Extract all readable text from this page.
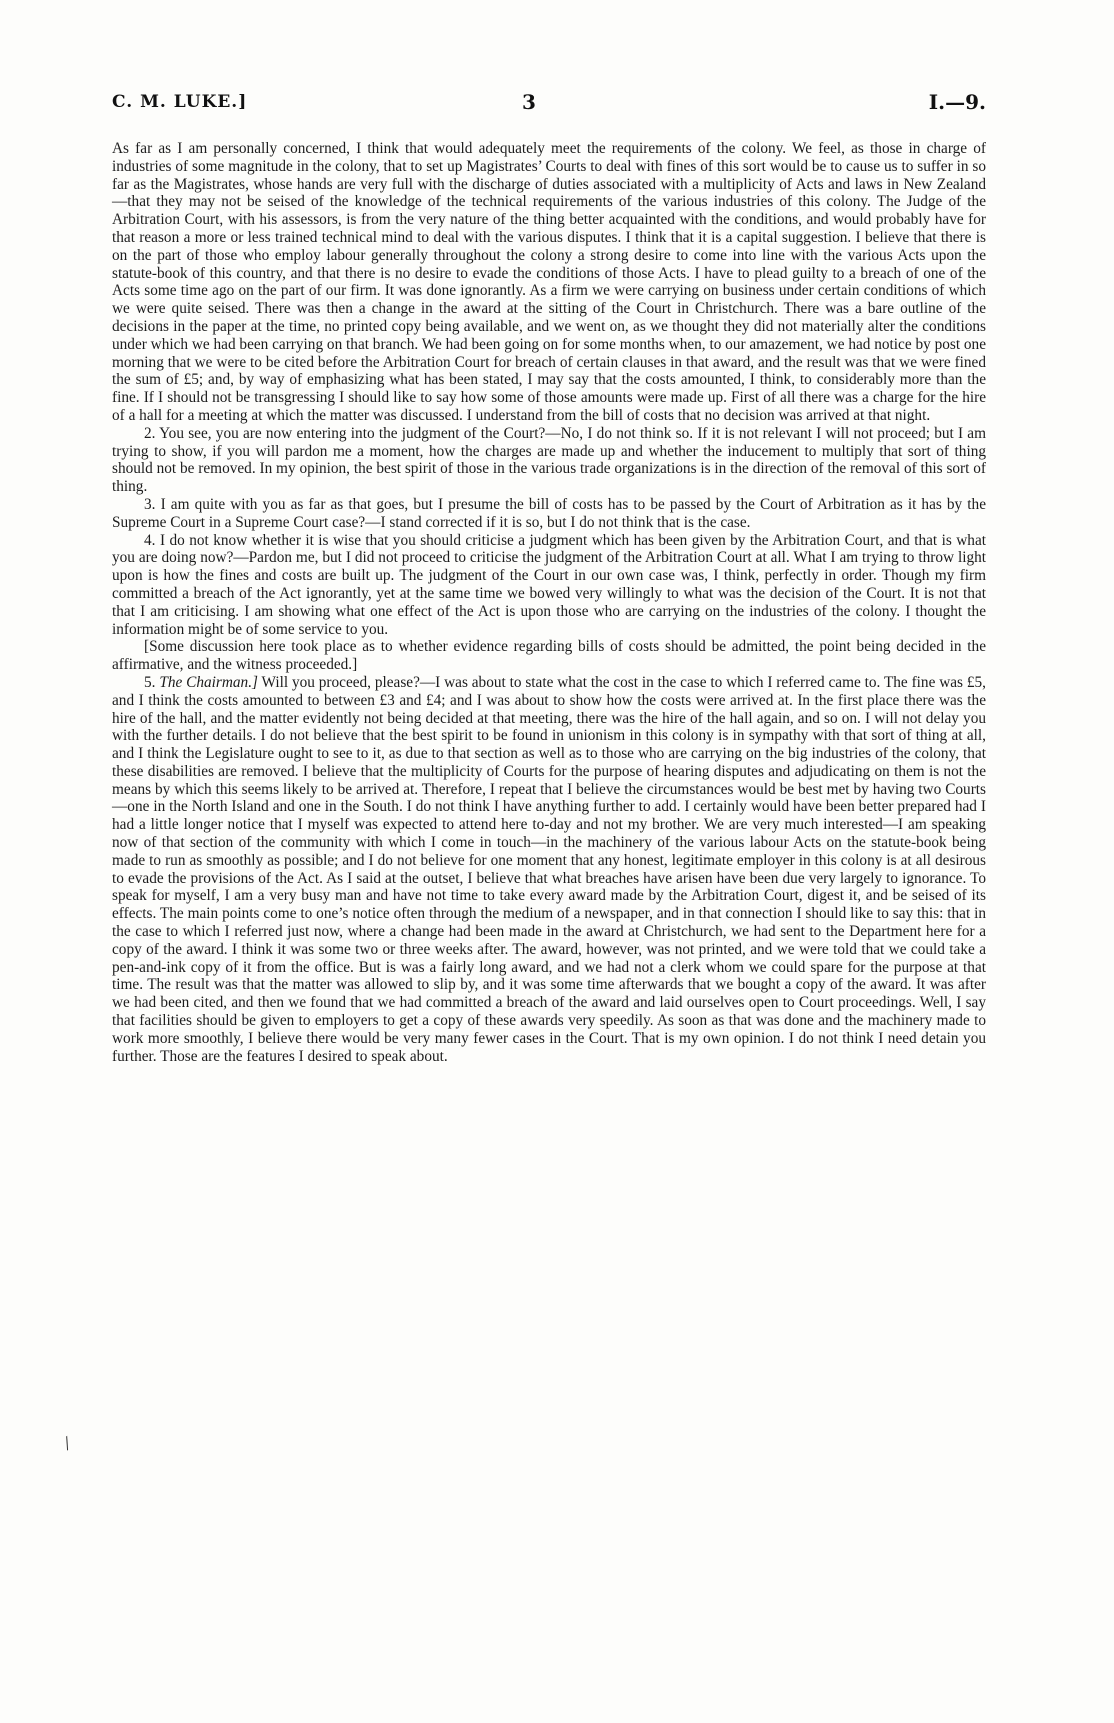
C. M. LUKE.]	3	I.—9.

As far as I am personally concerned, I think that would adequately meet the requirements of the colony. We feel, as those in charge of industries of some magnitude in the colony, that to set up Magistrates’ Courts to deal with fines of this sort would be to cause us to suffer in so far as the Magistrates, whose hands are very full with the discharge of duties associated with a multiplicity of Acts and laws in New Zealand—that they may not be seised of the knowledge of the technical requirements of the various industries of this colony. The Judge of the Arbitration Court, with his assessors, is from the very nature of the thing better acquainted with the conditions, and would probably have for that reason a more or less trained technical mind to deal with the various disputes. I think that it is a capital suggestion. I believe that there is on the part of those who employ labour generally throughout the colony a strong desire to come into line with the various Acts upon the statute-book of this country, and that there is no desire to evade the conditions of those Acts. I have to plead guilty to a breach of one of the Acts some time ago on the part of our firm. It was done ignorantly. As a firm we were carrying on business under certain conditions of which we were quite seised. There was then a change in the award at the sitting of the Court in Christchurch. There was a bare outline of the decisions in the paper at the time, no printed copy being available, and we went on, as we thought they did not materially alter the conditions under which we had been carrying on that branch. We had been going on for some months when, to our amazement, we had notice by post one morning that we were to be cited before the Arbitration Court for breach of certain clauses in that award, and the result was that we were fined the sum of £5; and, by way of emphasizing what has been stated, I may say that the costs amounted, I think, to considerably more than the fine. If I should not be transgressing I should like to say how some of those amounts were made up. First of all there was a charge for the hire of a hall for a meeting at which the matter was discussed. I understand from the bill of costs that no decision was arrived at that night.

2. You see, you are now entering into the judgment of the Court?—No, I do not think so. If it is not relevant I will not proceed; but I am trying to show, if you will pardon me a moment, how the charges are made up and whether the inducement to multiply that sort of thing should not be removed. In my opinion, the best spirit of those in the various trade organizations is in the direction of the removal of this sort of thing.

3. I am quite with you as far as that goes, but I presume the bill of costs has to be passed by the Court of Arbitration as it has by the Supreme Court in a Supreme Court case?—I stand corrected if it is so, but I do not think that is the case.

4. I do not know whether it is wise that you should criticise a judgment which has been given by the Arbitration Court, and that is what you are doing now?—Pardon me, but I did not proceed to criticise the judgment of the Arbitration Court at all. What I am trying to throw light upon is how the fines and costs are built up. The judgment of the Court in our own case was, I think, perfectly in order. Though my firm committed a breach of the Act ignorantly, yet at the same time we bowed very willingly to what was the decision of the Court. It is not that that I am criticising. I am showing what one effect of the Act is upon those who are carrying on the industries of the colony. I thought the information might be of some service to you.

[Some discussion here took place as to whether evidence regarding bills of costs should be admitted, the point being decided in the affirmative, and the witness proceeded.]

5. The Chairman.] Will you proceed, please?—I was about to state what the cost in the case to which I referred came to. The fine was £5, and I think the costs amounted to between £3 and £4; and I was about to show how the costs were arrived at. In the first place there was the hire of the hall, and the matter evidently not being decided at that meeting, there was the hire of the hall again, and so on. I will not delay you with the further details. I do not believe that the best spirit to be found in unionism in this colony is in sympathy with that sort of thing at all, and I think the Legislature ought to see to it, as due to that section as well as to those who are carrying on the big industries of the colony, that these disabilities are removed. I believe that the multiplicity of Courts for the purpose of hearing disputes and adjudicating on them is not the means by which this seems likely to be arrived at. Therefore, I repeat that I believe the circumstances would be best met by having two Courts—one in the North Island and one in the South. I do not think I have anything further to add. I certainly would have been better prepared had I had a little longer notice that I myself was expected to attend here to-day and not my brother. We are very much interested—I am speaking now of that section of the community with which I come in touch—in the machinery of the various labour Acts on the statute-book being made to run as smoothly as possible; and I do not believe for one moment that any honest, legitimate employer in this colony is at all desirous to evade the provisions of the Act. As I said at the outset, I believe that what breaches have arisen have been due very largely to ignorance. To speak for myself, I am a very busy man and have not time to take every award made by the Arbitration Court, digest it, and be seised of its effects. The main points come to one’s notice often through the medium of a newspaper, and in that connection I should like to say this: that in the case to which I referred just now, where a change had been made in the award at Christchurch, we had sent to the Department here for a copy of the award. I think it was some two or three weeks after. The award, however, was not printed, and we were told that we could take a pen-and-ink copy of it from the office. But is was a fairly long award, and we had not a clerk whom we could spare for the purpose at that time. The result was that the matter was allowed to slip by, and it was some time afterwards that we bought a copy of the award. It was after we had been cited, and then we found that we had committed a breach of the award and laid ourselves open to Court proceedings. Well, I say that facilities should be given to employers to get a copy of these awards very speedily. As soon as that was done and the machinery made to work more smoothly, I believe there would be very many fewer cases in the Court. That is my own opinion. I do not think I need detain you further. Those are the features I desired to speak about.

⁄
